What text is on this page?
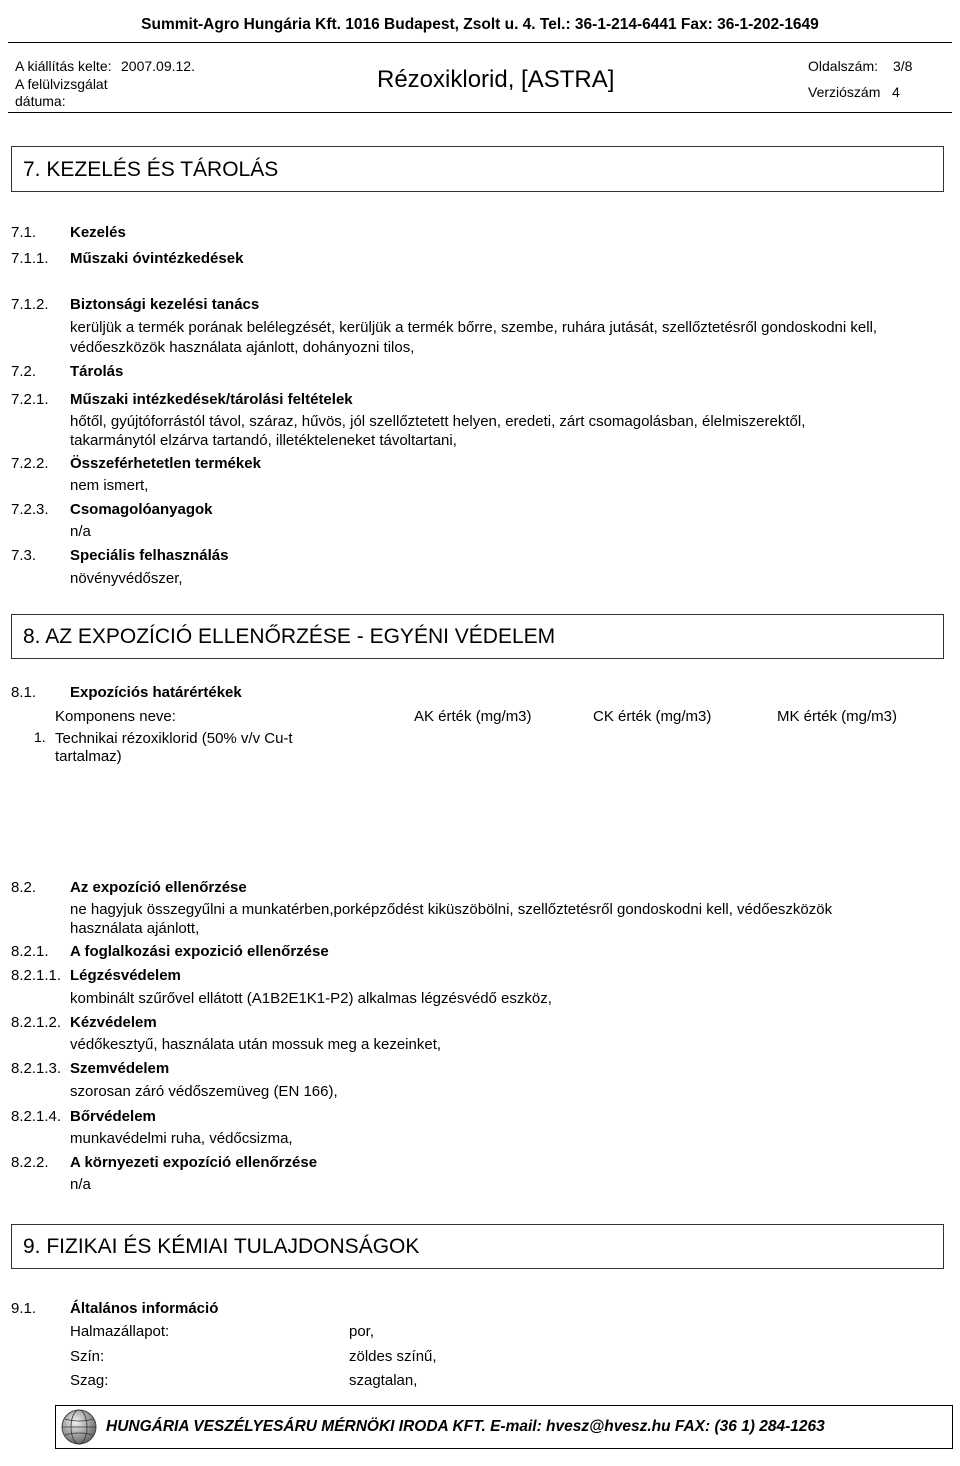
Summit-Agro Hungária Kft. 1016 Budapest, Zsolt u. 4. Tel.: 36-1-214-6441 Fax: 36-1-202-1649
A kiállítás kelte: 2007.09.12.
A felülvizsgálat
dátuma:
Rézoxiklorid, [ASTRA]	Oldalszám: 3/8
Verziószám 4
7. KEZELÉS ÉS TÁROLÁS
7.1. Kezelés
7.1.1. Műszaki óvintézkedések
7.1.2. Biztonsági kezelési tanács
kerüljük a termék porának belélegzését, kerüljük a termék bőrre, szembe, ruhára jutását, szellőztetésről gondoskodni kell,
védőeszközök használata ajánlott, dohányozni tilos,
7.2. Tárolás
7.2.1. Műszaki intézkedések/tárolási feltételek
hőtől, gyújtóforrástól távol, száraz, hűvös, jól szellőztetett helyen, eredeti, zárt csomagolásban, élelmiszerektől,
takarmánytól elzárva tartandó, illetékteleneket távoltartani,
7.2.2. Összeférhetetlen termékek
nem ismert,
7.2.3. Csomagolóanyagok
n/a
7.3. Speciális felhasználás
növényvédőszer,
8. AZ EXPOZÍCIÓ ELLENŐRZÉSE - EGYÉNI VÉDELEM
8.1. Expozíciós határértékek
Komponens neve:	AK érték (mg/m3)	CK érték (mg/m3)	MK érték (mg/m3)
1. Technikai rézoxiklorid (50% v/v Cu-t
tartalmaz)
8.2. Az expozíció ellenőrzése
ne hagyjuk összegyűlni a munkatérben,porképződést kiküszöbölni, szellőztetésről gondoskodni kell, védőeszközök
használata ajánlott,
8.2.1. A foglalkozási expozició ellenőrzése
8.2.1.1. Légzésvédelem
kombinált szűrővel ellátott (A1B2E1K1-P2) alkalmas légzésvédő eszköz,
8.2.1.2. Kézvédelem
védőkesztyű, használata után mossuk meg a kezeinket,
8.2.1.3. Szemvédelem
szorosan záró védőszemüveg (EN 166),
8.2.1.4. Bőrvédelem
munkavédelmi ruha, védőcsizma,
8.2.2. A környezeti expozíció ellenőrzése
n/a
9. FIZIKAI ÉS KÉMIAI TULAJDONSÁGOK
9.1. Általános információ
Halmazállapot:	por,
Szín:	zöldes színű,
Szag:	szagtalan,
HUNGÁRIA VESZÉLYESÁRU MÉRNÖKI IRODA KFT. E-mail: hvesz@hvesz.hu FAX: (36 1) 284-1263
